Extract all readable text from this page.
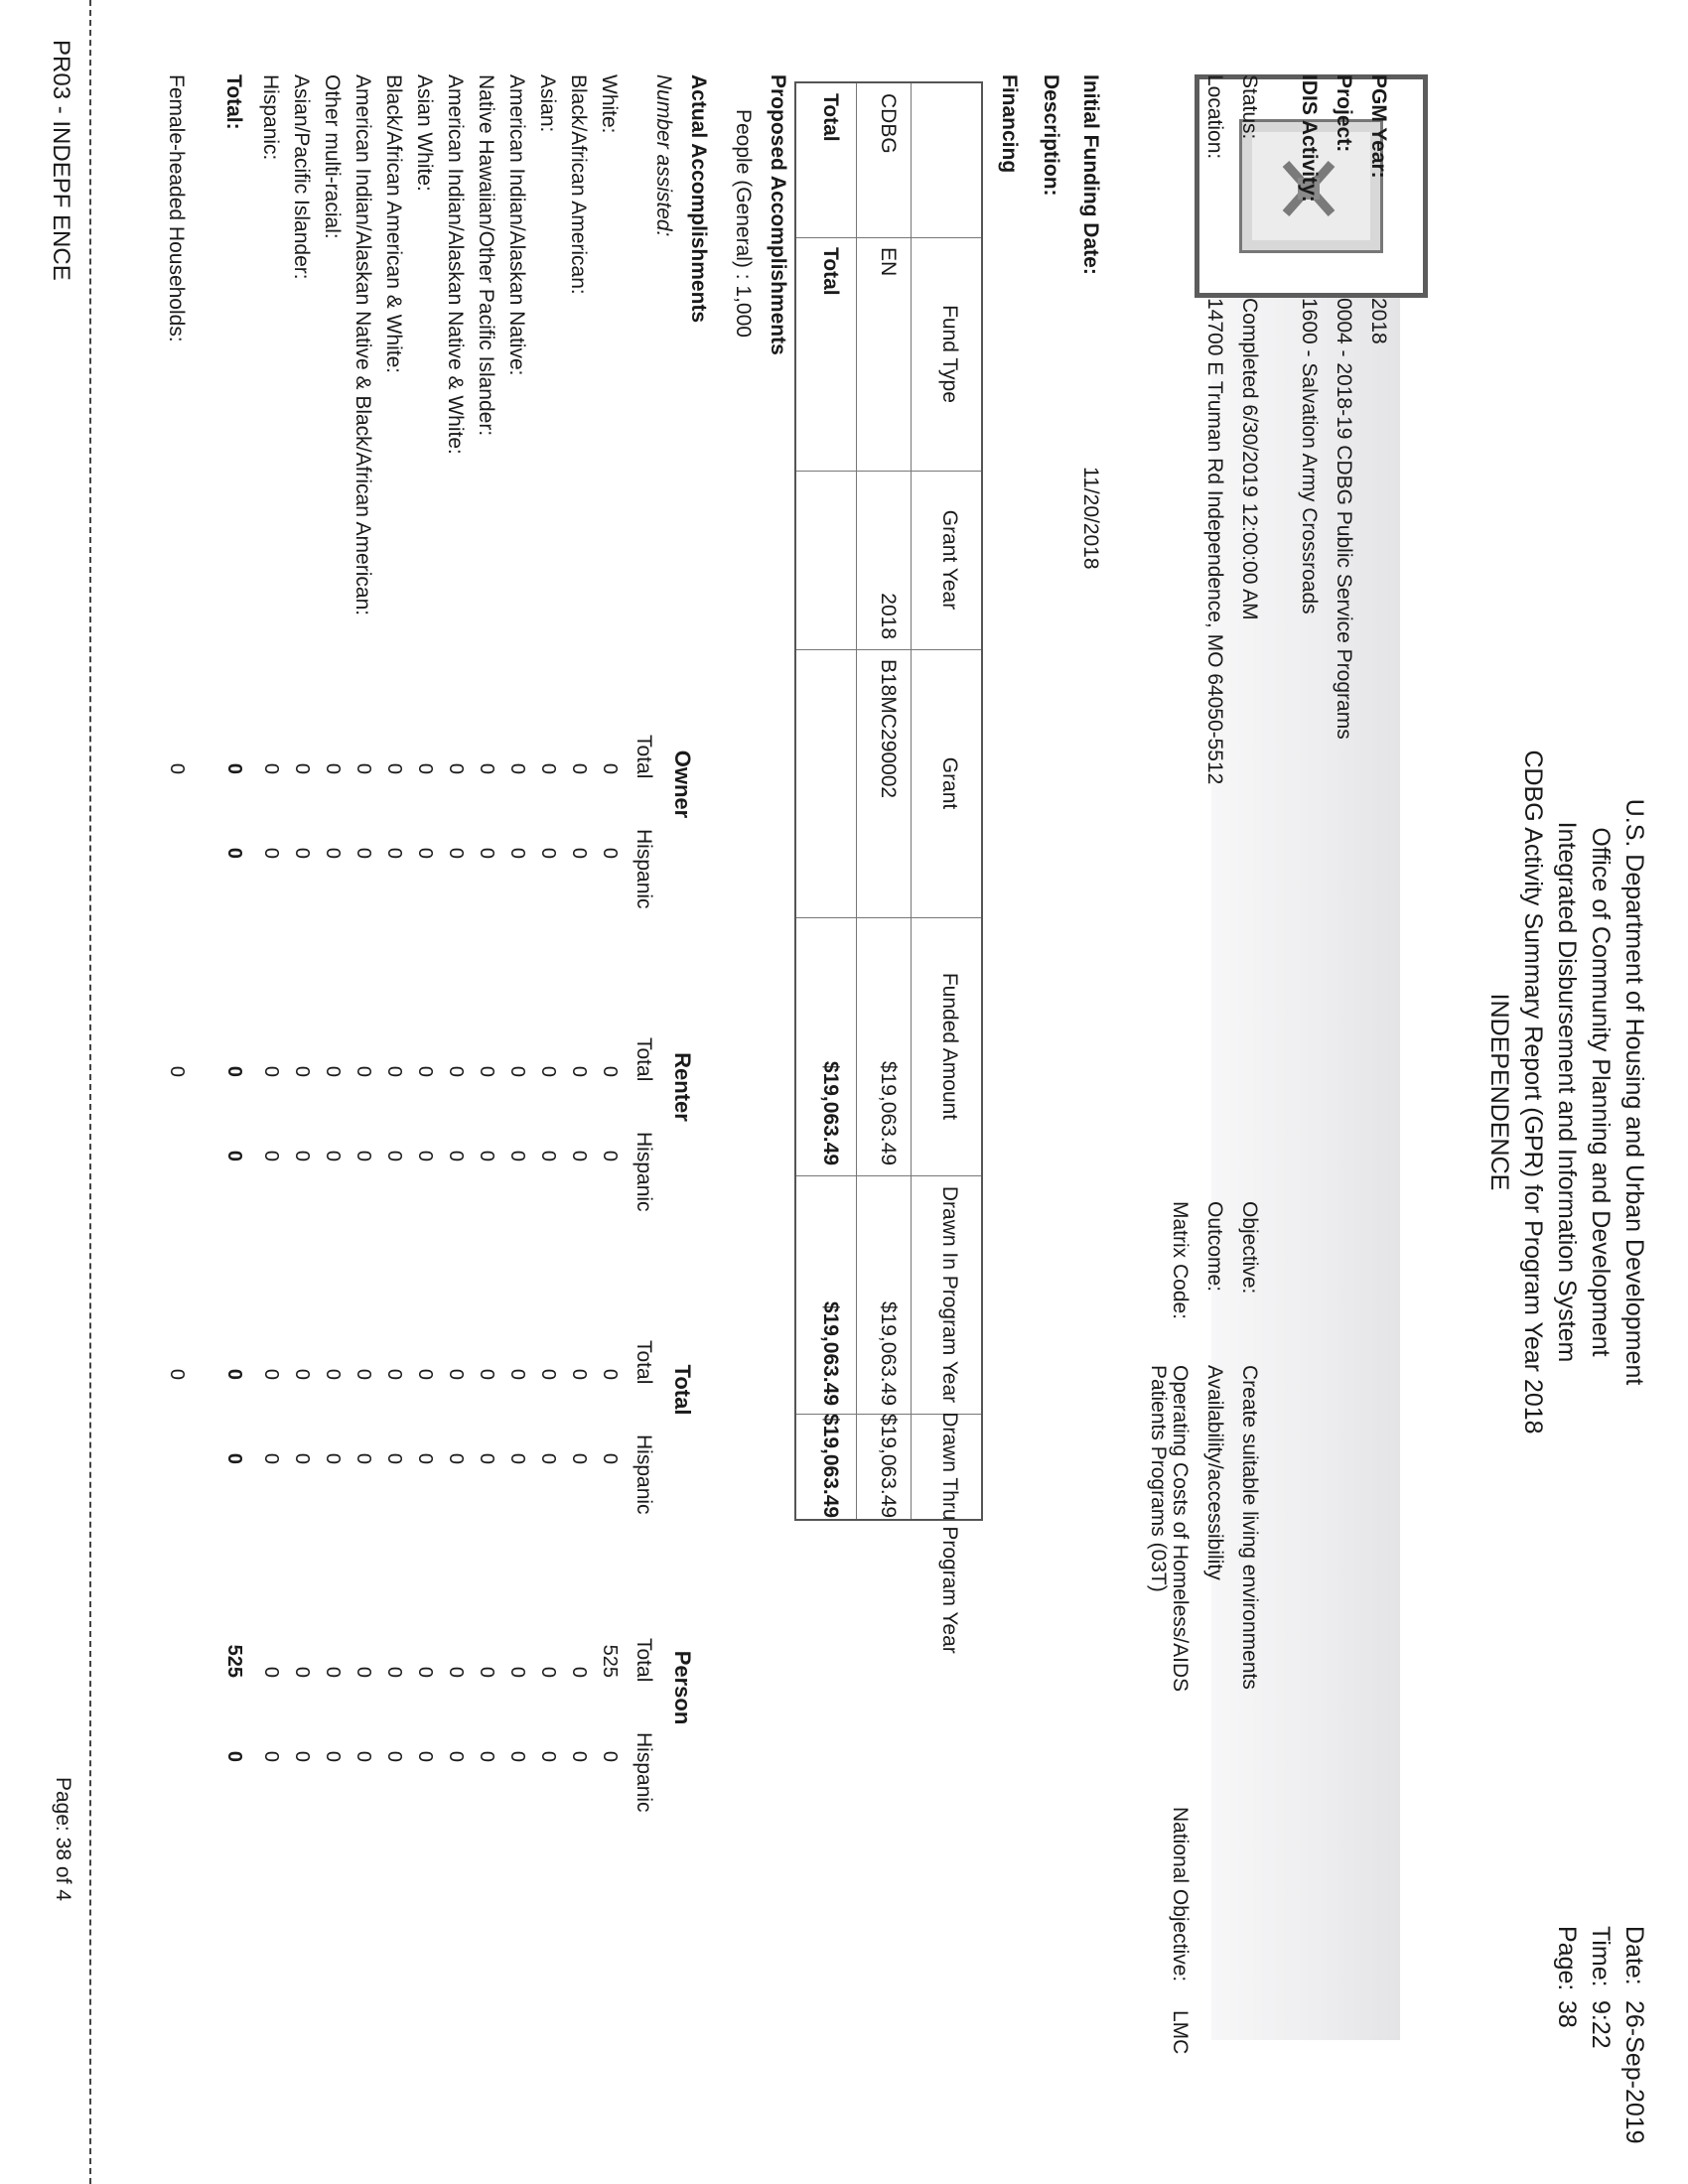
U.S. Department of Housing and Urban Development
Office of Community Planning and Development
Integrated Disbursement and Information System
CDBG Activity Summary Report (GPR) for Program Year 2018
INDEPENDENCE
Date:
26-Sep-2019
Time:
9:22
Page:
38
PGM Year:
2018
Project:
0004 - 2018-19 CDBG Public Service Programs
IDIS Activity:
1600 - Salvation Army Crossroads
Status:
Completed 6/30/2019 12:00:00 AM
Location:
14700 E Truman Rd Independence, MO 64050-5512
Objective:
Create suitable living environments
Outcome:
Availability/accessibility
Matrix Code:
Operating Costs of Homeless/AIDS
Patients Programs (03T)
National Objective:
LMC
Initial Funding Date:
11/20/2018
Description:
Financing
Fund Type
Grant Year
Grant
Funded Amount
Drawn In Program Year
Drawn Thru Program Year
CDBG
EN
2018
B18MC290002
$19,063.49
$19,063.49
$19,063.49
Total
Total
$19,063.49
$19,063.49
$19,063.49
Proposed Accomplishments
People (General) : 1,000
Actual Accomplishments
Number assisted:
Owner
Renter
Total
Person
Total
Hispanic
Total
Hispanic
Total
Hispanic
Total
Hispanic
White:
0
0
0
0
0
0
525
0
Black/African American:
0
0
0
0
0
0
0
0
Asian:
0
0
0
0
0
0
0
0
American Indian/Alaskan Native:
0
0
0
0
0
0
0
0
Native Hawaiian/Other Pacific Islander:
0
0
0
0
0
0
0
0
American Indian/Alaskan Native & White:
0
0
0
0
0
0
0
0
Asian White:
0
0
0
0
0
0
0
0
Black/African American & White:
0
0
0
0
0
0
0
0
American Indian/Alaskan Native & Black/African American:
0
0
0
0
0
0
0
0
Other multi-racial:
0
0
0
0
0
0
0
0
Asian/Pacific Islander:
0
0
0
0
0
0
0
0
Hispanic:
0
0
0
0
0
0
0
0
Total:
0
0
0
0
0
0
525
0
Female-headed Households:
0
0
0
PR03 - INDEPF ENCE
Page: 38 of 4
